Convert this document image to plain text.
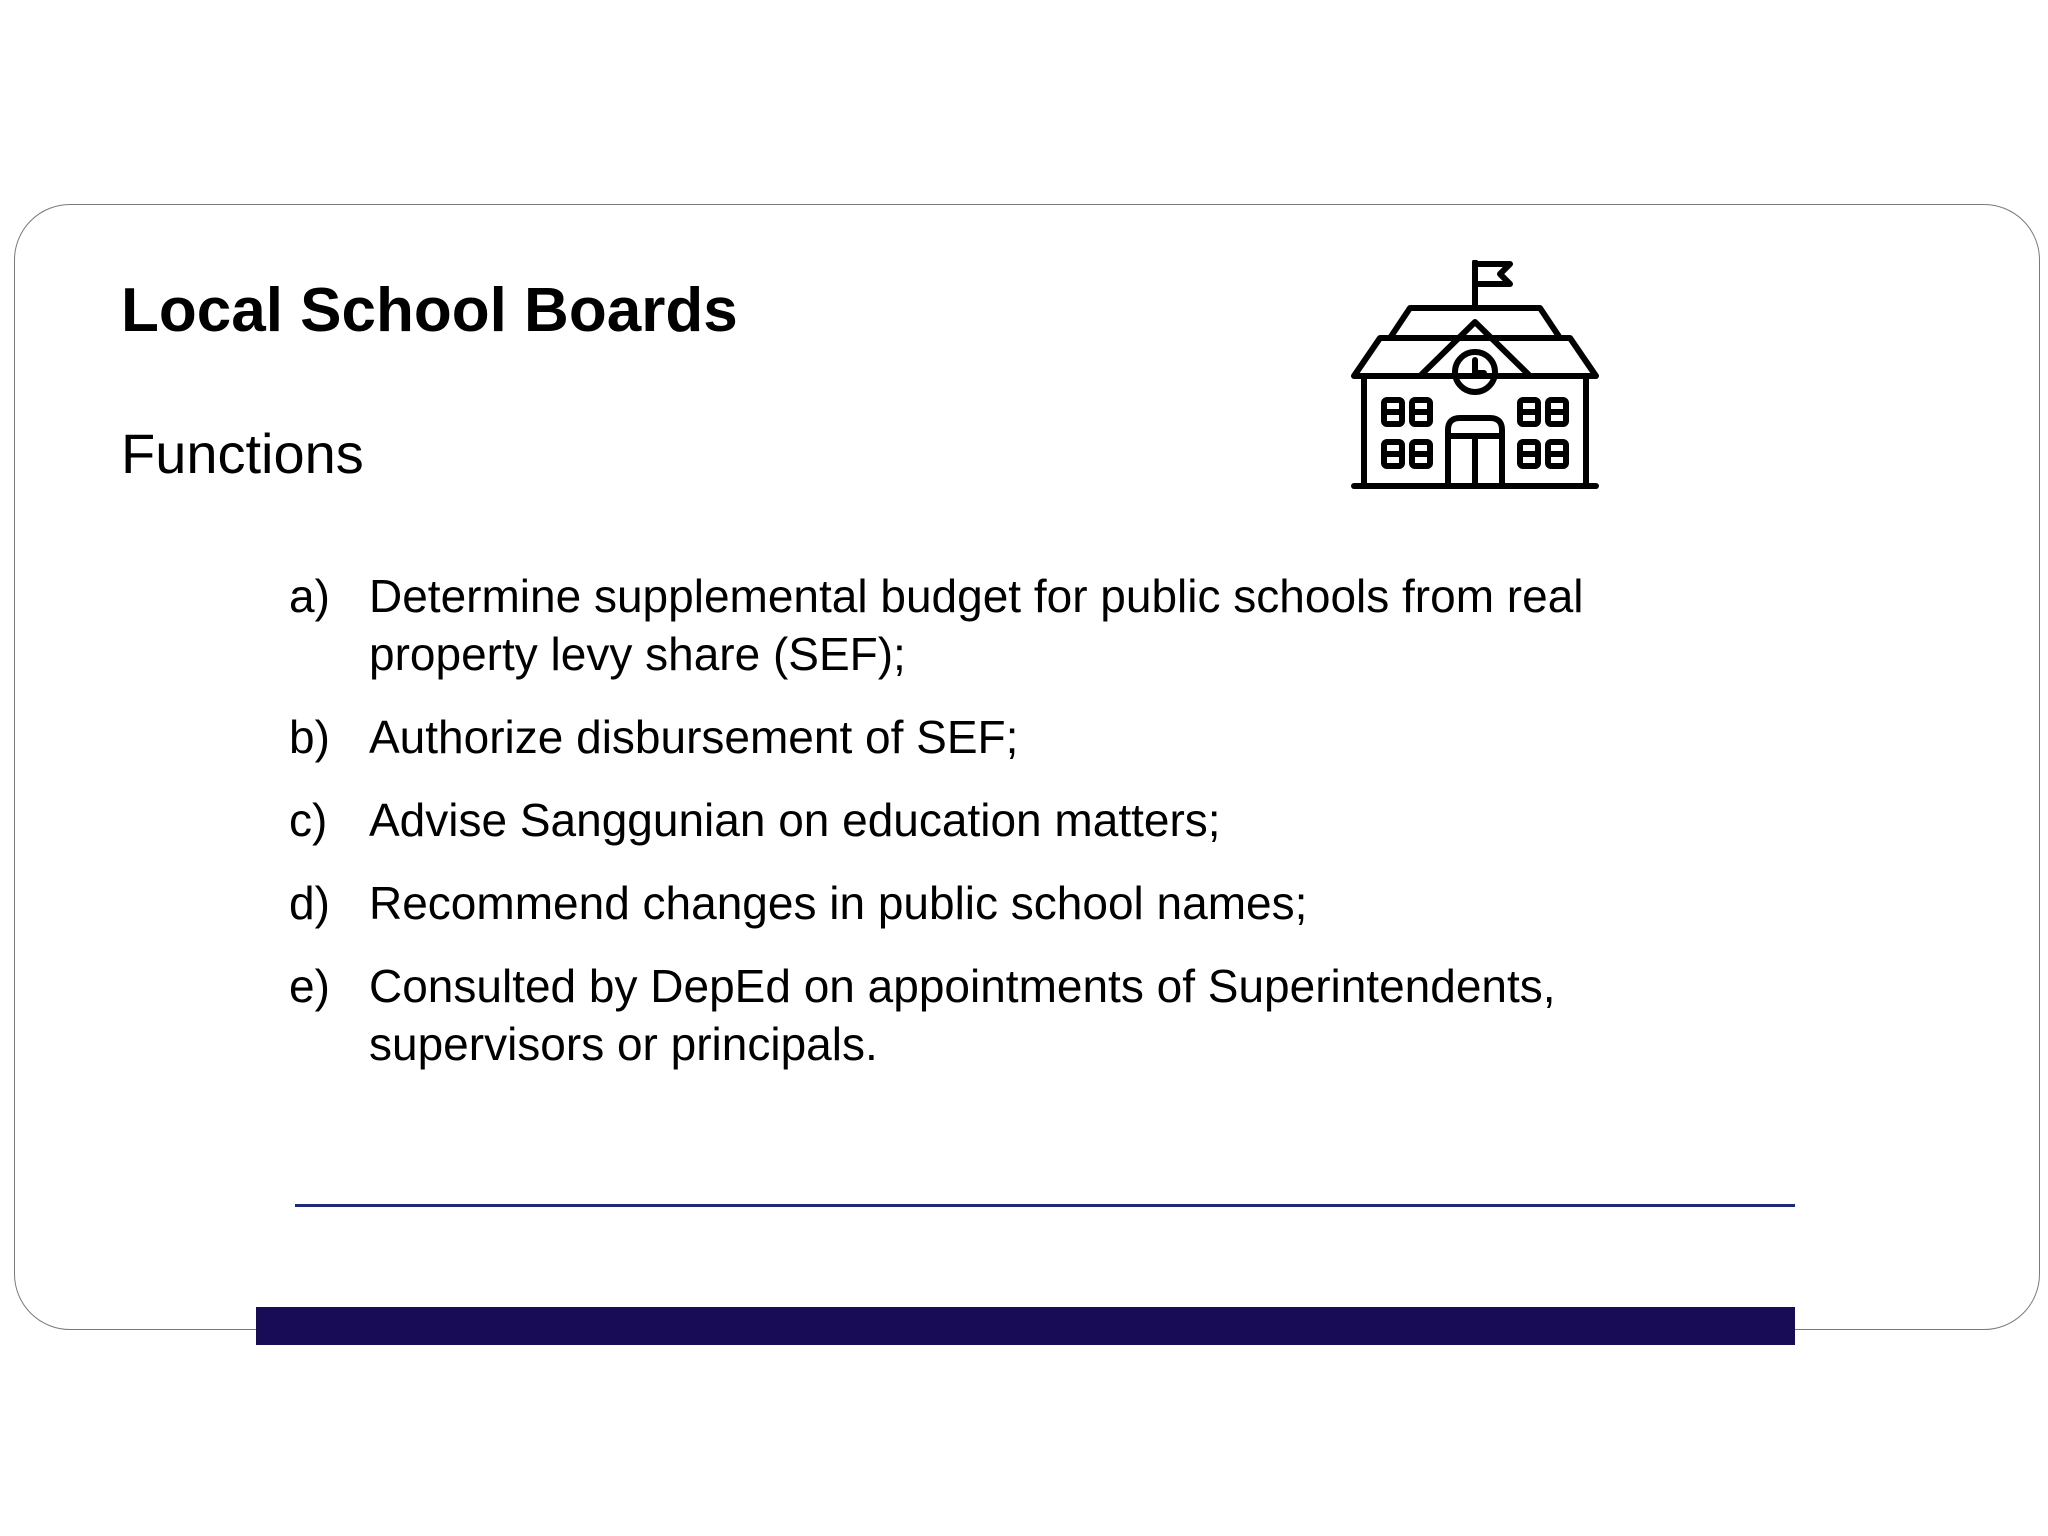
Local School Boards
Functions
a) Determine supplemental budget for public schools from real property levy share (SEF);
b) Authorize disbursement of SEF;
c) Advise Sanggunian on education matters;
d) Recommend changes in public school names;
e) Consulted by DepEd on appointments of Superintendents, supervisors or principals.
